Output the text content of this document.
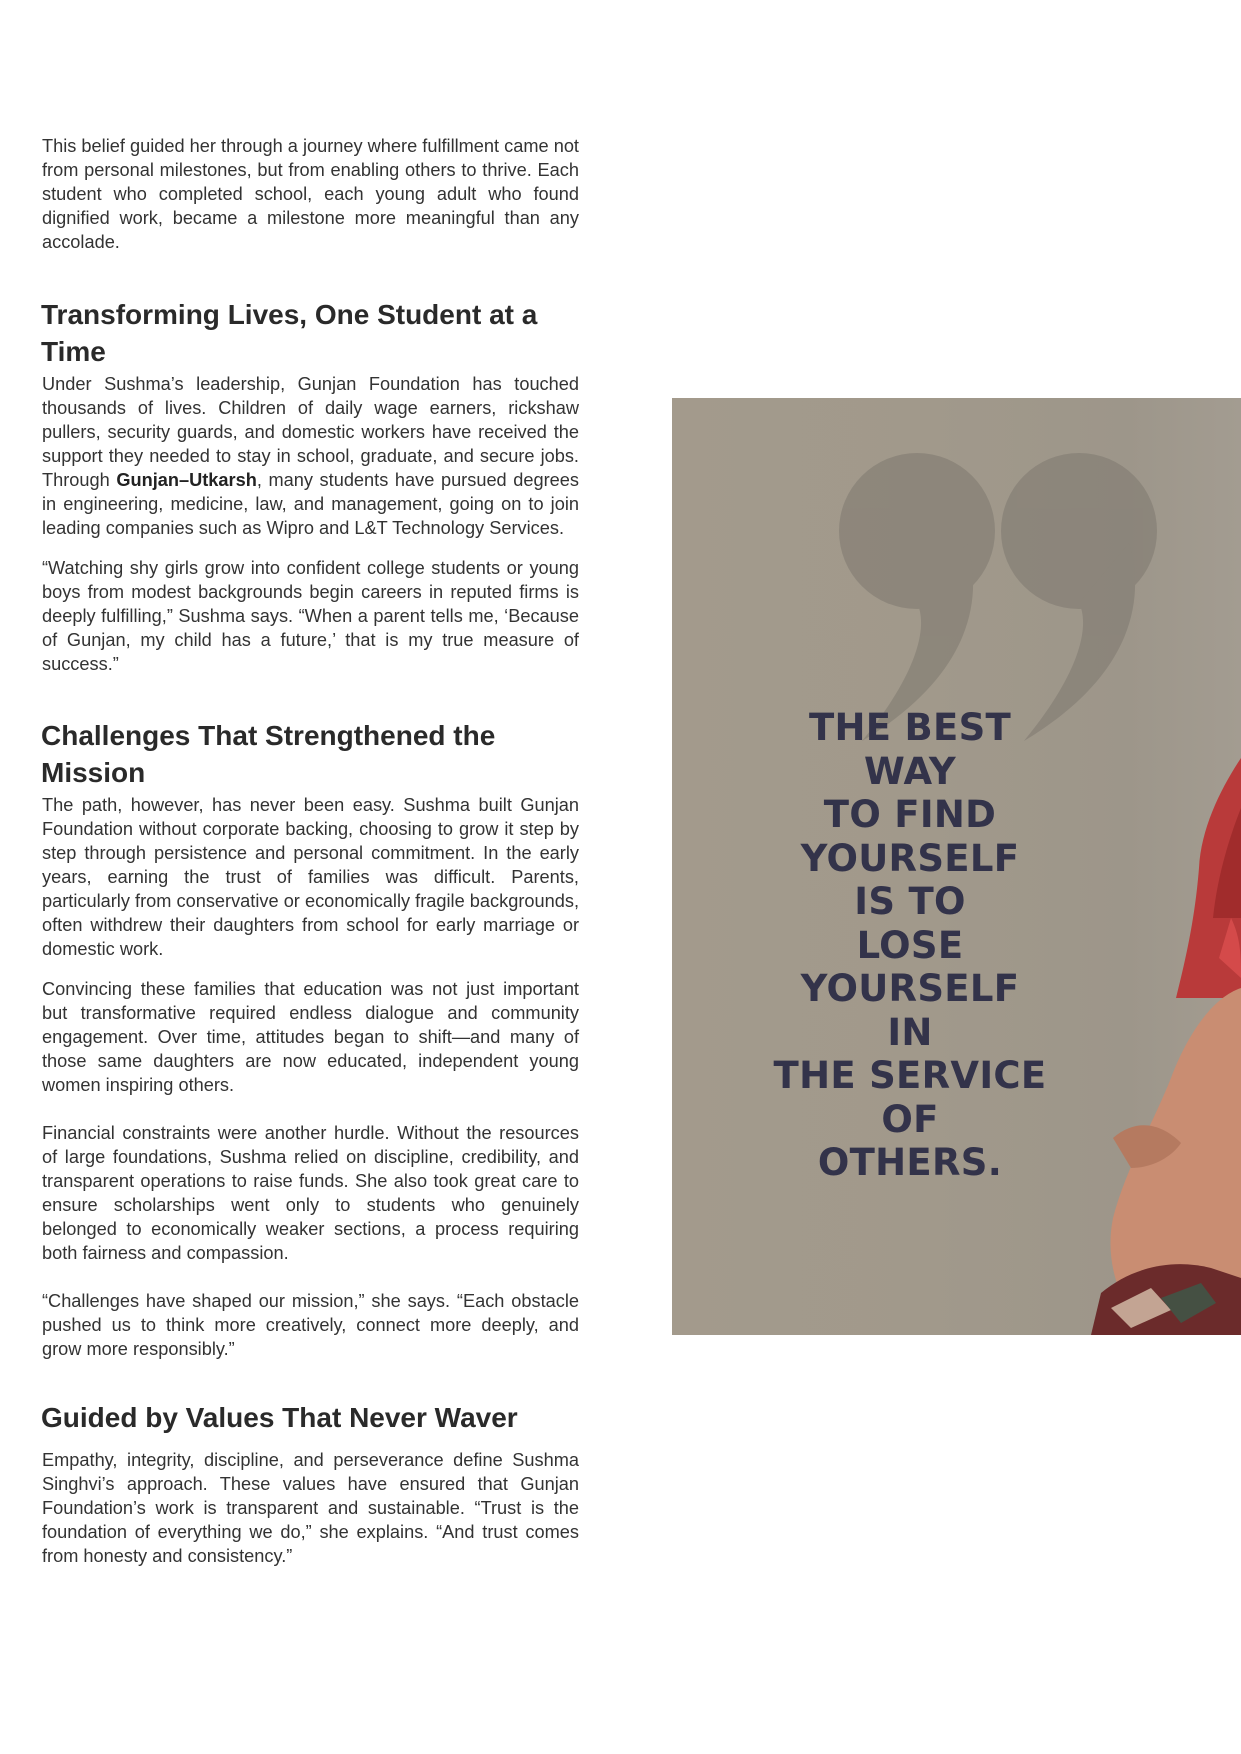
This belief guided her through a journey where fulfillment came not from personal milestones, but from enabling others to thrive. Each student who completed school, each young adult who found dignified work, became a milestone more meaningful than any accolade.

Transforming Lives, One Student at a Time

Under Sushma’s leadership, Gunjan Foundation has touched thousands of lives. Children of daily wage earners, rickshaw pullers, security guards, and domestic workers have received the support they needed to stay in school, graduate, and secure jobs. Through Gunjan–Utkarsh, many students have pursued degrees in engineering, medicine, law, and management, going on to join leading companies such as Wipro and L&T Technology Services.

“Watching shy girls grow into confident college students or young boys from modest backgrounds begin careers in reputed firms is deeply fulfilling,” Sushma says. “When a parent tells me, ‘Because of Gunjan, my child has a future,’ that is my true measure of success.”

Challenges That Strengthened the Mission

The path, however, has never been easy. Sushma built Gunjan Foundation without corporate backing, choosing to grow it step by step through persistence and personal commitment. In the early years, earning the trust of families was difficult. Parents, particularly from conservative or economically fragile backgrounds, often withdrew their daughters from school for early marriage or domestic work.

Convincing these families that education was not just important but transformative required endless dialogue and community engagement. Over time, attitudes began to shift—and many of those same daughters are now educated, independent young women inspiring others.

Financial constraints were another hurdle. Without the resources of large foundations, Sushma relied on discipline, credibility, and transparent operations to raise funds. She also took great care to ensure scholarships went only to students who genuinely belonged to economically weaker sections, a process requiring both fairness and compassion.

“Challenges have shaped our mission,” she says. “Each obstacle pushed us to think more creatively, connect more deeply, and grow more responsibly.”

Guided by Values That Never Waver

Empathy, integrity, discipline, and perseverance define Sushma Singhvi’s approach. These values have ensured that Gunjan Foundation’s work is transparent and sustainable. “Trust is the foundation of everything we do,” she explains. “And trust comes from honesty and consistency.”

THE BEST
WAY
TO FIND
YOURSELF
IS TO
LOSE
YOURSELF
IN
THE SERVICE
OF
OTHERS.
